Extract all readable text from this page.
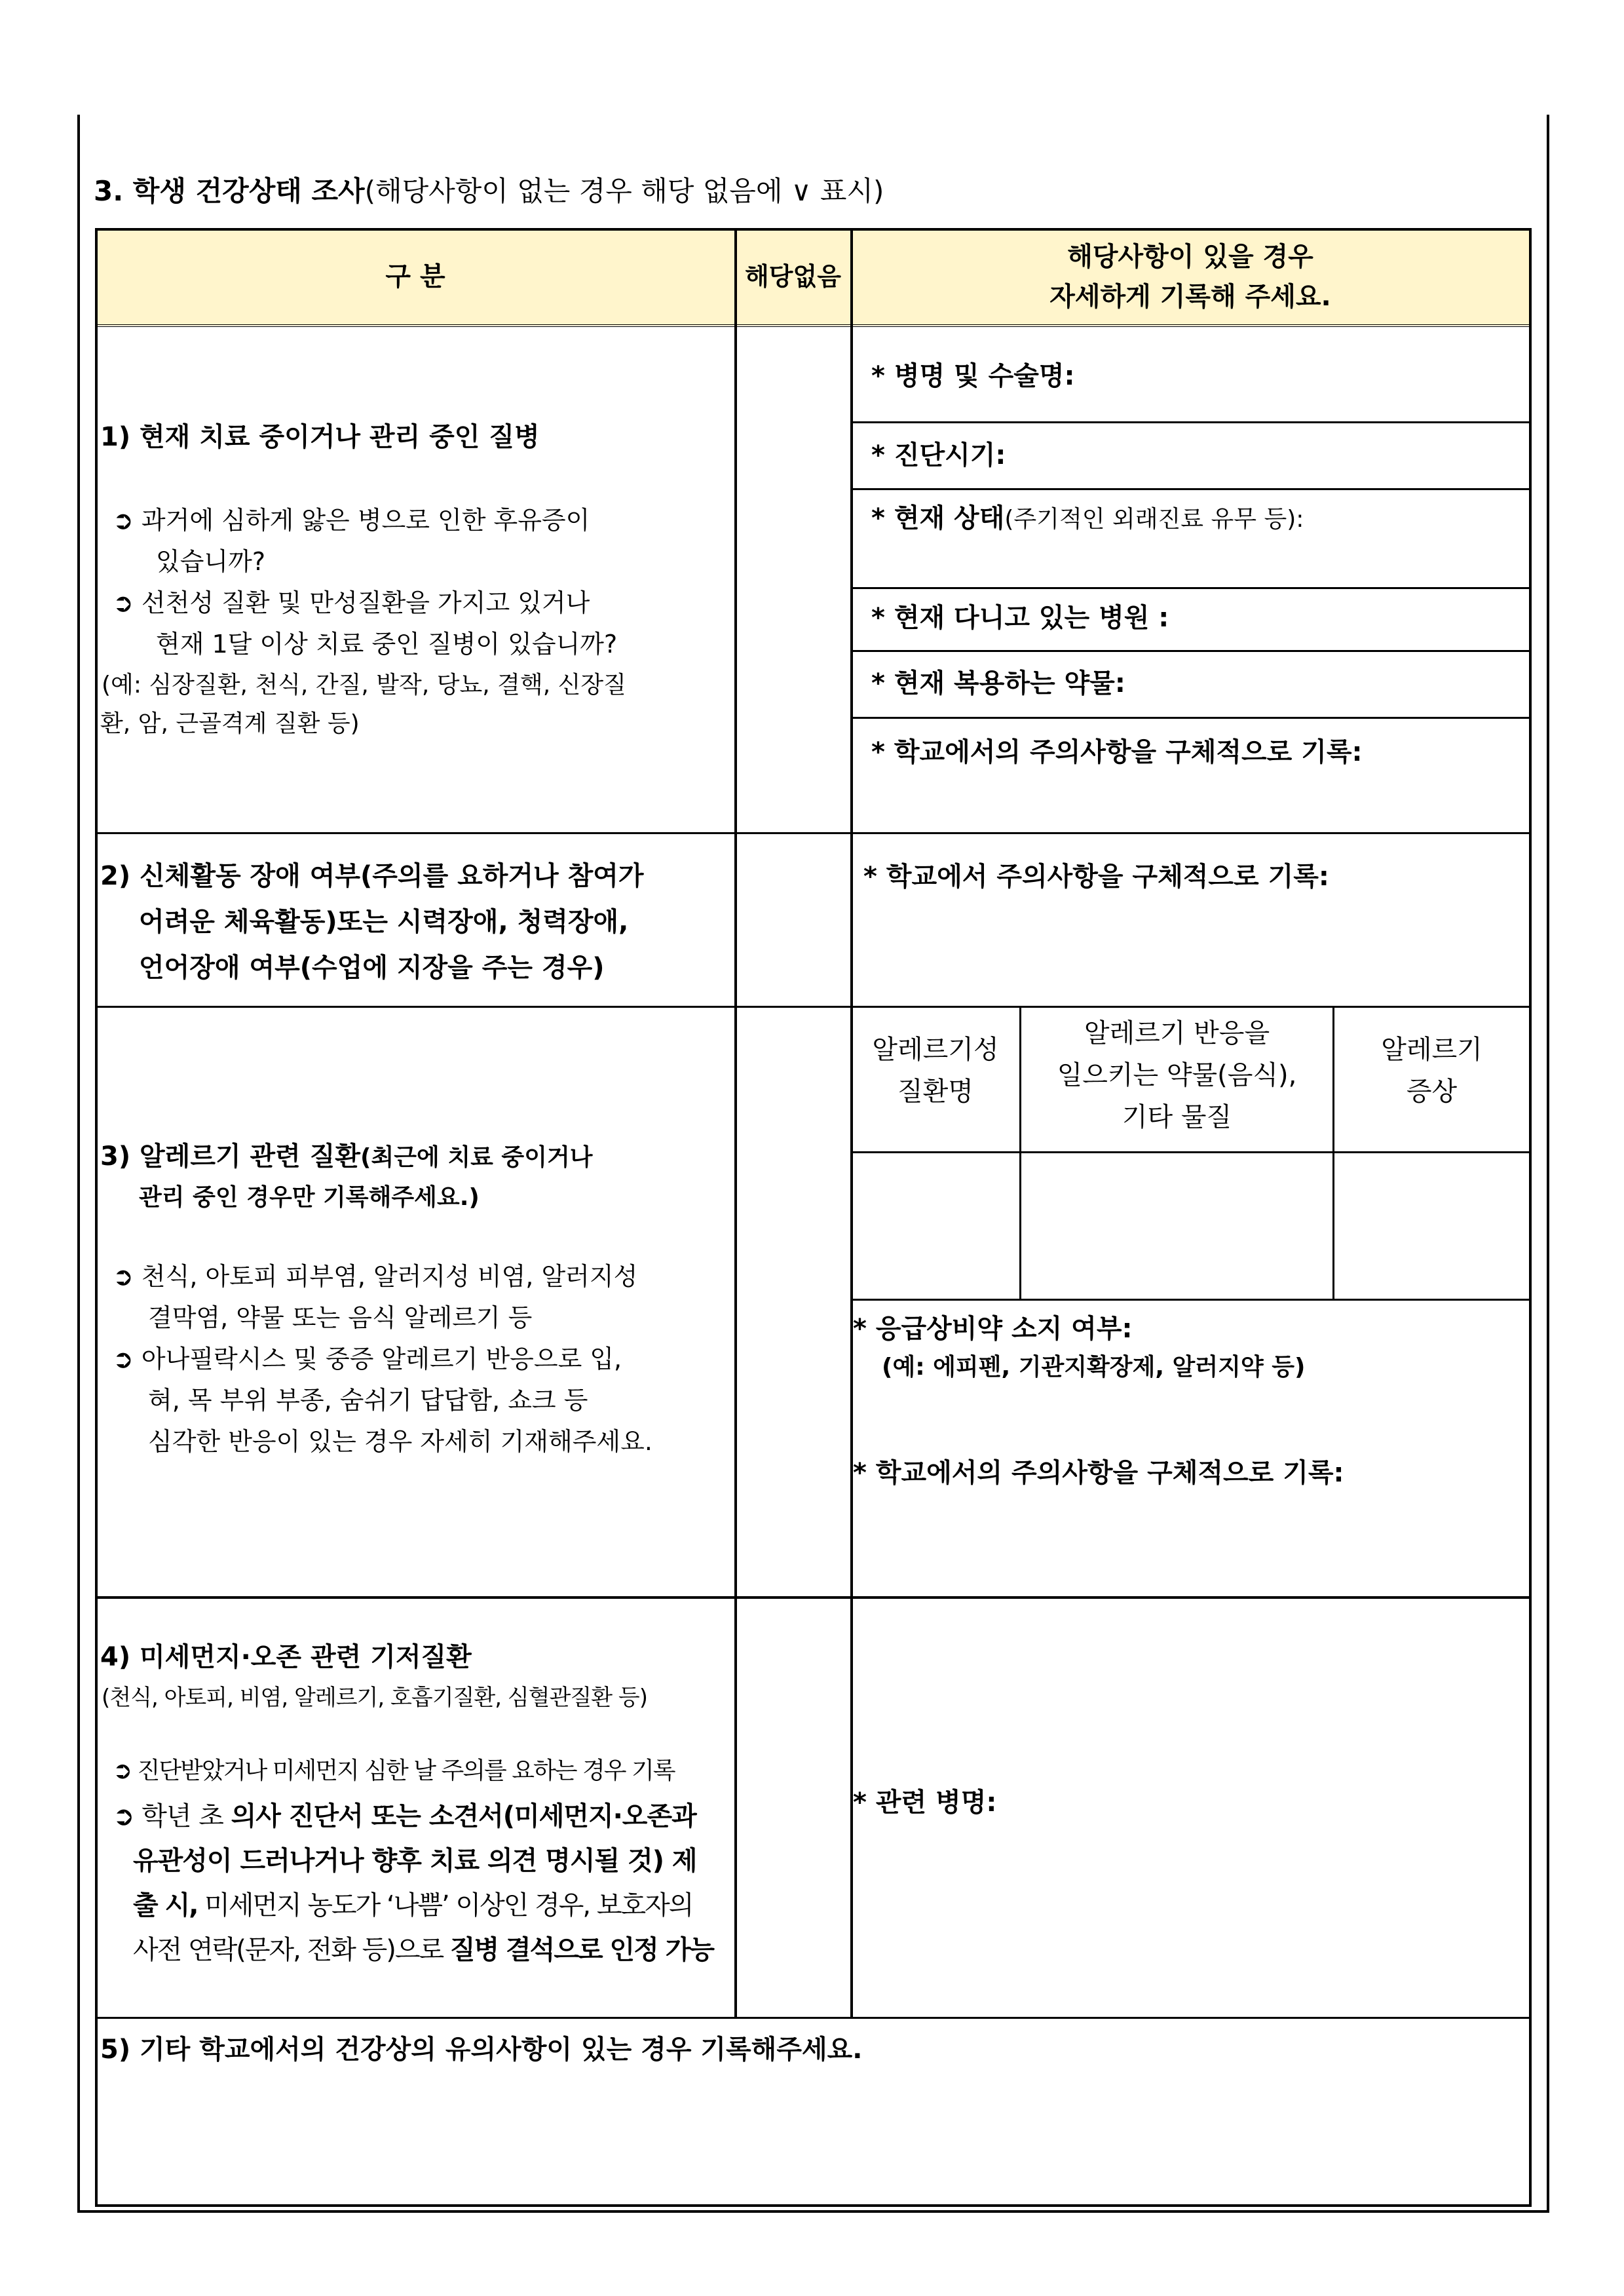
3. 학생 건강상태 조사(해당사항이 없는 경우 해당 없음에 ∨ 표시)
구 분	해당없음
해당사항이 있을 경우
자세하게 기록해 주세요.
1) 현재 치료 중이거나 관리 중인 질병
➲ 과거에 심하게 앓은 병으로 인한 후유증이
있습니까?
➲ 선천성 질환 및 만성질환을 가지고 있거나
현재 1달 이상 치료 중인 질병이 있습니까?
(예: 심장질환, 천식, 간질, 발작, 당뇨, 결핵, 신장질
환, 암, 근골격계 질환 등)
* 병명 및 수술명:
* 진단시기:
* 현재 상태(주기적인 외래진료 유무 등):
* 현재 다니고 있는 병원 :
* 현재 복용하는 약물:
* 학교에서의 주의사항을 구체적으로 기록:
2) 신체활동 장애 여부(주의를 요하거나 참여가
어려운 체육활동)또는 시력장애, 청력장애,
언어장애 여부(수업에 지장을 주는 경우)
* 학교에서 주의사항을 구체적으로 기록:
3) 알레르기 관련 질환(최근에 치료 중이거나
관리 중인 경우만 기록해주세요.)
➲ 천식, 아토피 피부염, 알러지성 비염, 알러지성
결막염, 약물 또는 음식 알레르기 등
➲ 아나필락시스 및 중증 알레르기 반응으로 입,
혀, 목 부위 부종, 숨쉬기 답답함, 쇼크 등
심각한 반응이 있는 경우 자세히 기재해주세요.
알레르기성
질환명
알레르기 반응을
일으키는 약물(음식),
기타 물질
알레르기
증상
* 응급상비약 소지 여부:
(예: 에피펜, 기관지확장제, 알러지약 등)
* 학교에서의 주의사항을 구체적으로 기록:
4) 미세먼지·오존 관련 기저질환
(천식, 아토피, 비염, 알레르기, 호흡기질환, 심혈관질환 등)
➲ 진단받았거나 미세먼지 심한 날 주의를 요하는 경우 기록
➲ 학년 초 의사 진단서 또는 소견서(미세먼지·오존과
유관성이 드러나거나 향후 치료 의견 명시될 것) 제
출 시, 미세먼지 농도가 ‘나쁨’ 이상인 경우, 보호자의
사전 연락(문자, 전화 등)으로 질병 결석으로 인정 가능
* 관련 병명:
5) 기타 학교에서의 건강상의 유의사항이 있는 경우 기록해주세요.
